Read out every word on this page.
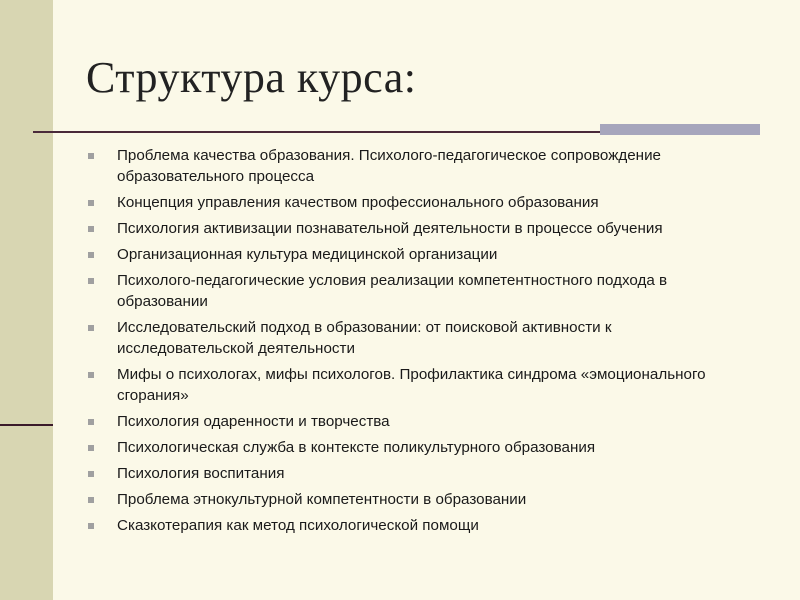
Структура курса:
Проблема качества образования. Психолого-педагогическое сопровождение образовательного процесса
Концепция управления качеством профессионального образования
Психология активизации познавательной деятельности в процессе обучения
Организационная культура медицинской организации
Психолого-педагогические условия реализации компетентностного подхода в образовании
Исследовательский подход в образовании: от поисковой активности к исследовательской деятельности
Мифы о психологах, мифы психологов. Профилактика синдрома «эмоционального сгорания»
Психология одаренности и творчества
Психологическая служба в контексте поликультурного образования
Психология воспитания
Проблема этнокультурной компетентности в образовании
Сказкотерапия как метод психологической помощи
